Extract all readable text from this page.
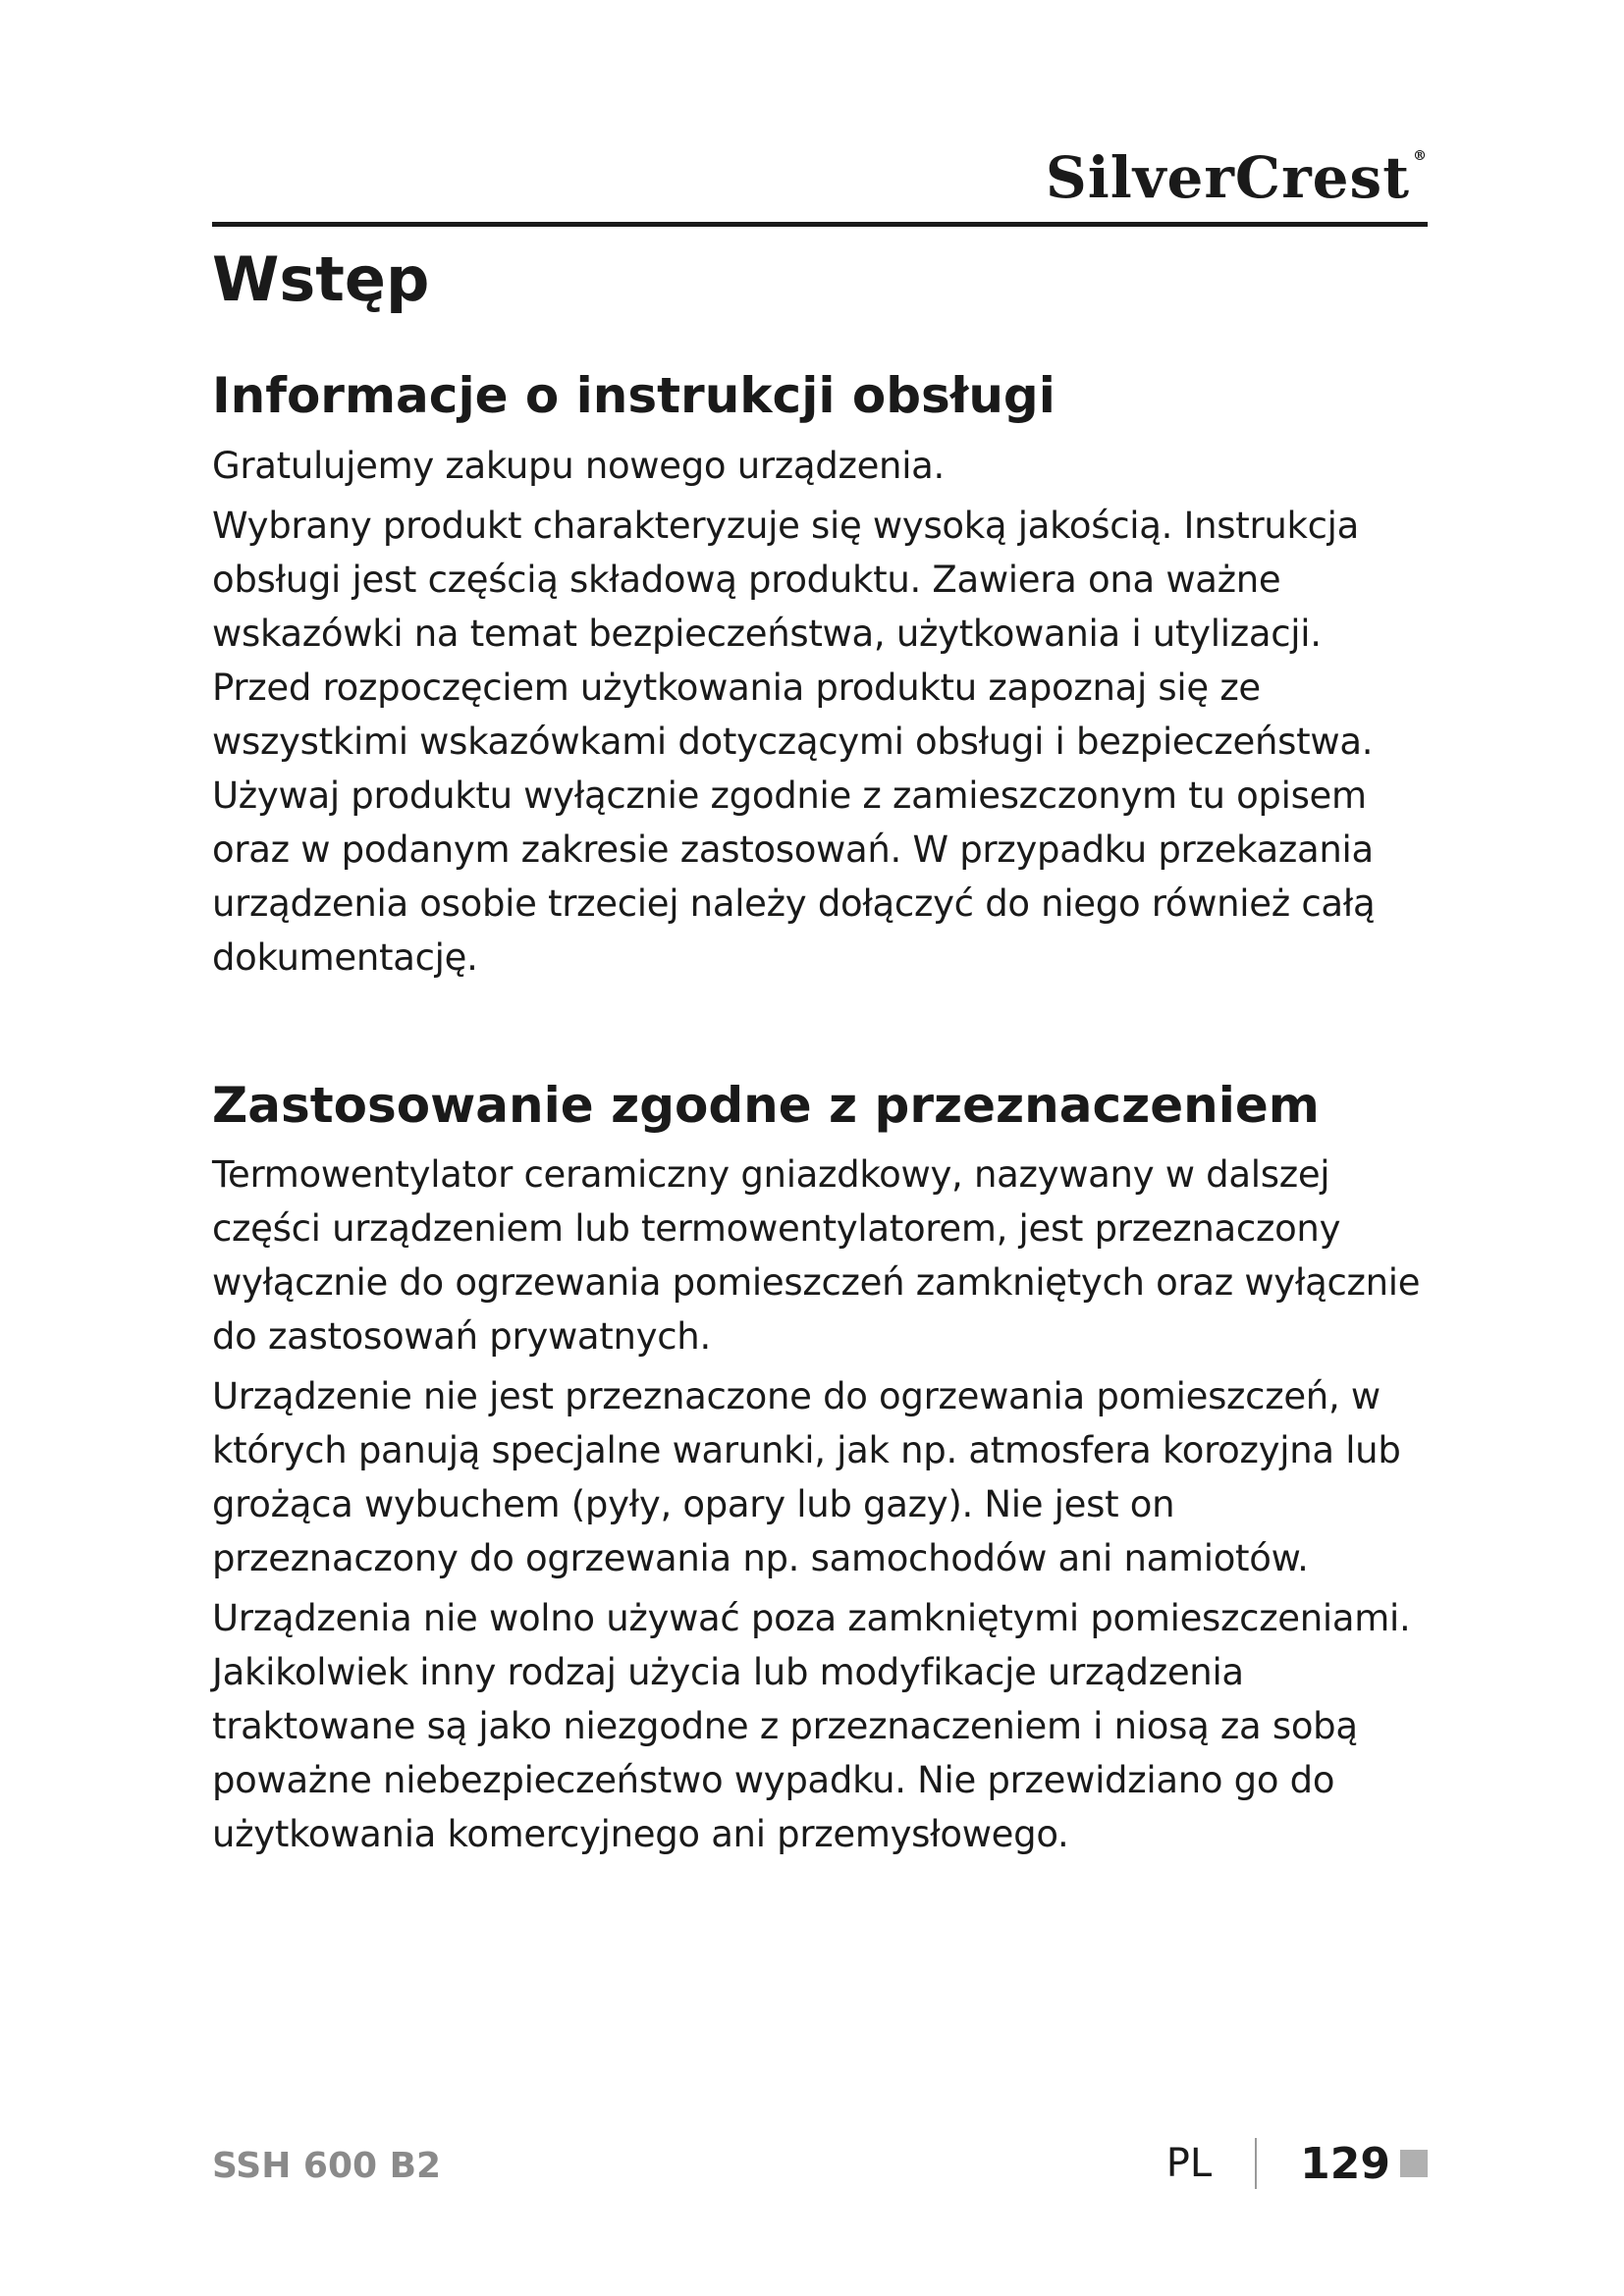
SilverCrest ®
Wstęp
Informacje o instrukcji obsługi

Gratulujemy zakupu nowego urządzenia.

Wybrany produkt charakteryzuje się wysoką jakością. Instrukcja obsługi jest częścią składową produktu. Zawiera ona ważne wskazówki na temat bezpieczeństwa, użytkowania i utylizacji. Przed rozpoczęciem użytkowania produktu zapoznaj się ze wszystkimi wskazówkami dotyczącymi obsługi i bezpieczeństwa. Używaj produktu wyłącznie zgodnie z zamieszczonym tu opisem oraz w podanym zakresie zastosowań. W przypadku przekazania urządzenia osobie trzeciej należy dołączyć do niego również całą dokumentację.

Zastosowanie zgodne z przeznaczeniem

Termowentylator ceramiczny gniazdkowy, nazywany w dalszej części urządzeniem lub termowentylatorem, jest przeznaczony wyłącznie do ogrzewania pomieszczeń zamkniętych oraz wyłącznie do zastosowań prywatnych.

Urządzenie nie jest przeznaczone do ogrzewania pomieszczeń, w których panują specjalne warunki, jak np. atmosfera korozyjna lub grożąca wybuchem (pyły, opary lub gazy). Nie jest on przeznaczony do ogrzewania np. samochodów ani namiotów.

Urządzenia nie wolno używać poza zamkniętymi pomieszczeniami. Jakikolwiek inny rodzaj użycia lub modyfikacje urządzenia traktowane są jako niezgodne z przeznaczeniem i niosą za sobą poważne niebezpieczeństwo wypadku. Nie przewidziano go do użytkowania komercyjnego ani przemysłowego.

SSH 600 B2	PL 129
